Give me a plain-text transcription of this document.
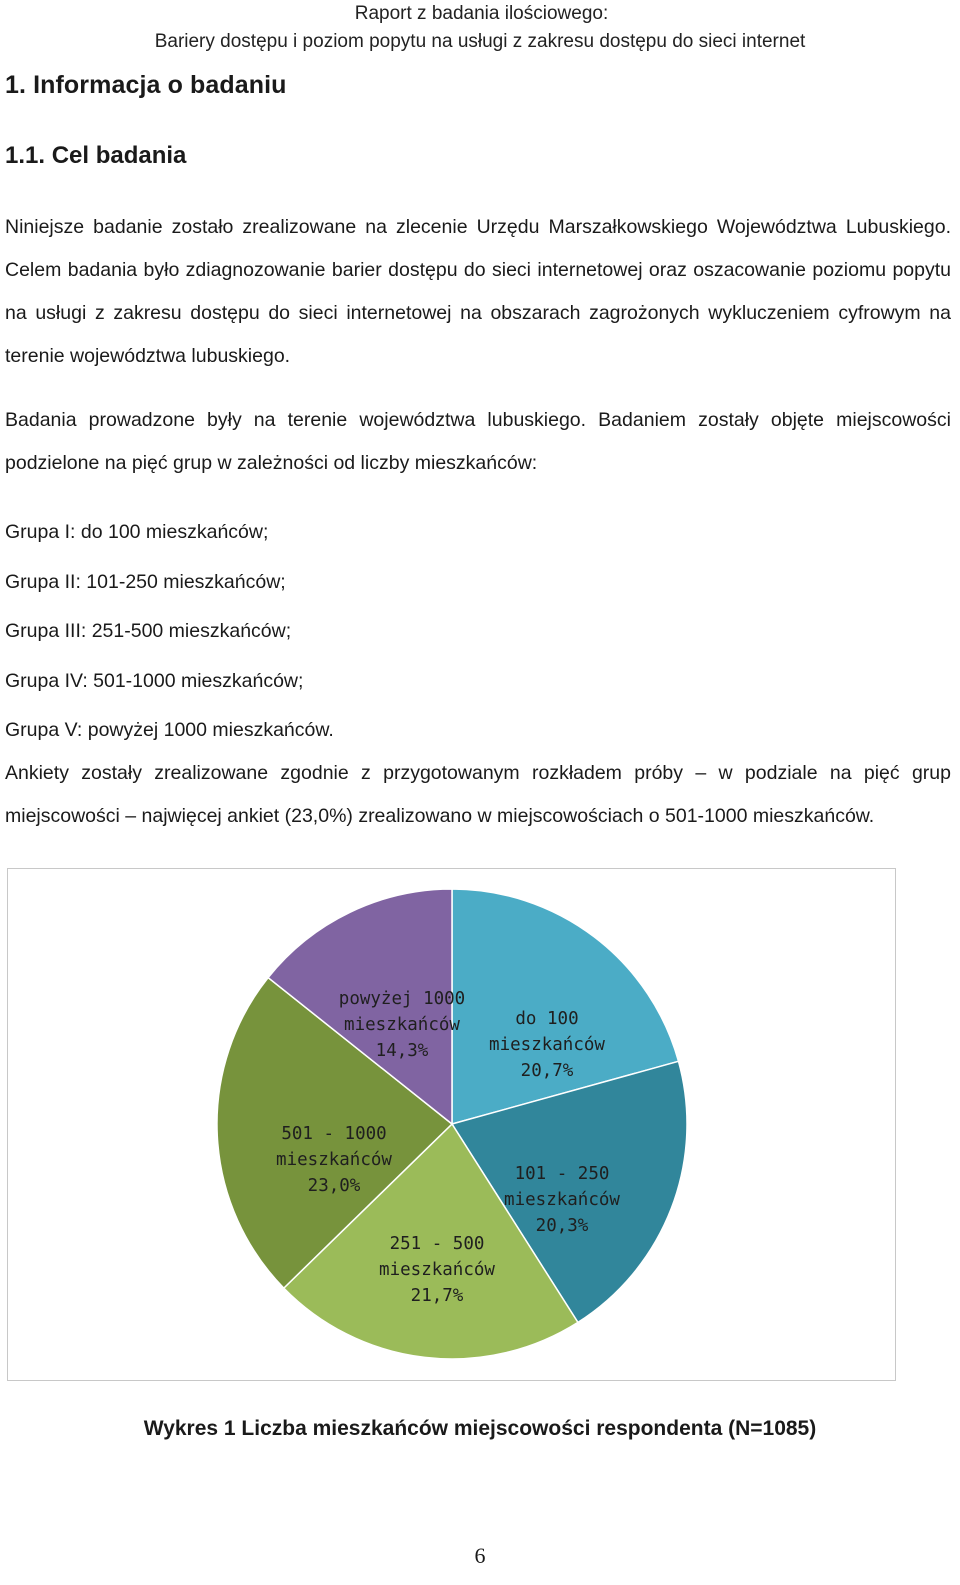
Raport z badania ilościowego:
Bariery dostępu i poziom popytu na usługi z zakresu dostępu do sieci internet
1. Informacja o badaniu
1.1. Cel badania
Niniejsze badanie zostało zrealizowane na zlecenie Urzędu Marszałkowskiego Województwa Lubuskiego. Celem badania było zdiagnozowanie barier dostępu do sieci internetowej oraz oszacowanie poziomu popytu na usługi z zakresu dostępu do sieci internetowej na obszarach zagrożonych wykluczeniem cyfrowym na terenie województwa lubuskiego.
Badania prowadzone były na terenie województwa lubuskiego. Badaniem zostały objęte miejscowości podzielone na pięć grup w zależności od liczby mieszkańców:
Grupa I: do 100 mieszkańców;
Grupa II: 101-250 mieszkańców;
Grupa III: 251-500 mieszkańców;
Grupa IV: 501-1000 mieszkańców;
Grupa V: powyżej 1000 mieszkańców.
Ankiety zostały zrealizowane zgodnie z przygotowanym rozkładem próby – w podziale na pięć grup miejscowości – najwięcej ankiet (23,0%) zrealizowano w miejscowościach o 501-1000 mieszkańców.
do 100 mieszkańców 20,7%
101 - 250 mieszkańców 20,3%
251 - 500 mieszkańców 21,7%
501 - 1000 mieszkańców 23,0%
powyżej 1000 mieszkańców 14,3%
Wykres 1 Liczba mieszkańców miejscowości respondenta (N=1085)
6
